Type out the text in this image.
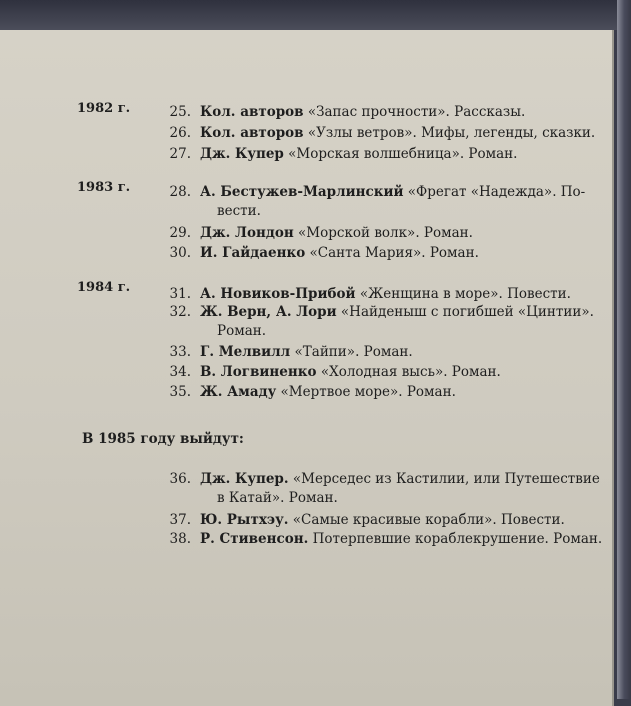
1982 г.	25. Кол. авторов «Запас прочности». Рассказы.
26. Кол. авторов «Узлы ветров». Мифы, легенды, сказки.
27. Дж. Купер «Морская волшебница». Роман.
1983 г.	28. А. Бестужев-Марлинский «Фрегат «Надежда». По-
вести.
29. Дж. Лондон «Морской волк». Роман.
30. И. Гайдаенко «Санта Мария». Роман.
1984 г.	31. А. Новиков-Прибой «Женщина в море». Повести.
32. Ж. Верн, А. Лори «Найденыш с погибшей «Цинтии».
Роман.
33. Г. Мелвилл «Тайпи». Роман.
34. В. Логвиненко «Холодная высь». Роман.
35. Ж. Амаду «Мертвое море». Роман.
В 1985 году выйдут:
36. Дж. Купер. «Мерседес из Кастилии, или Путешествие
в Катай». Роман.
37. Ю. Рытхэу. «Самые красивые корабли». Повести.
38. Р. Стивенсон. Потерпевшие кораблекрушение. Роман.
